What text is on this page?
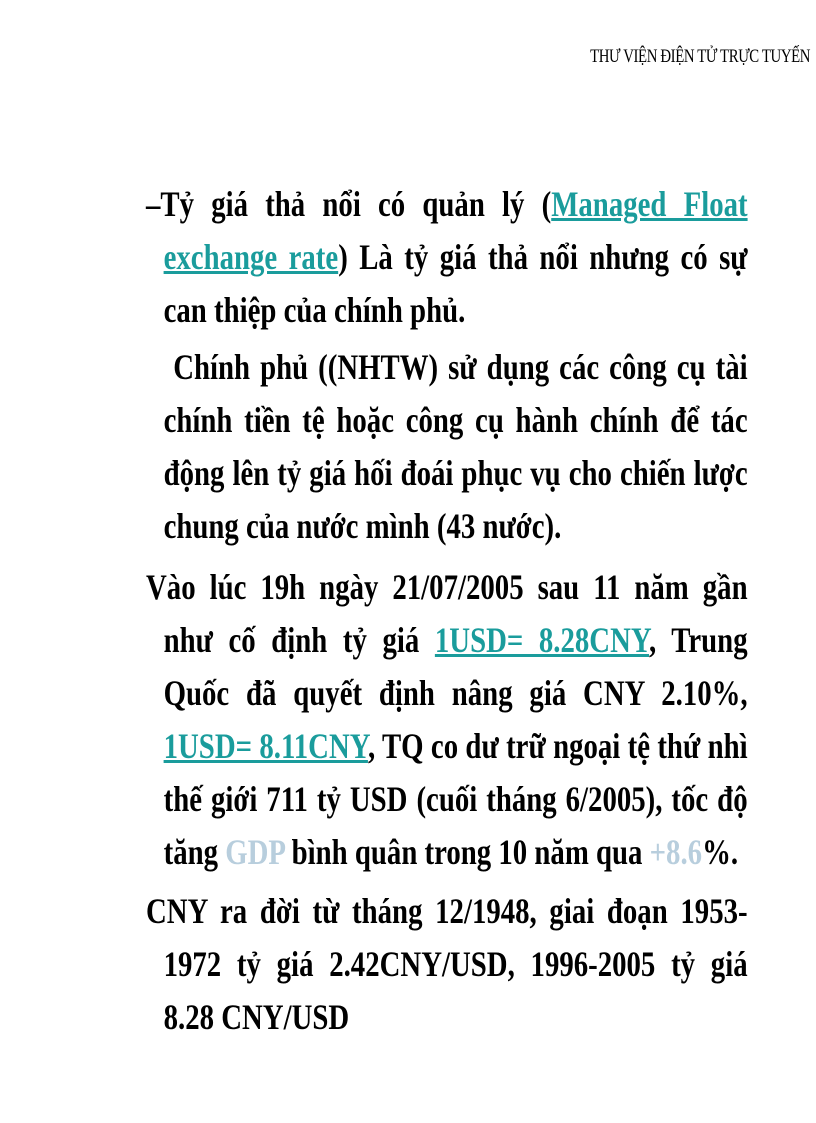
THƯ VIỆN ĐIỆN TỬ TRỰC TUYẾN

–Tỷ giá thả nổi có quản lý (Managed Float exchange rate) Là tỷ giá thả nổi nhưng có sự can thiệp của chính phủ.

Chính phủ ((NHTW) sử dụng các công cụ tài chính tiền tệ hoặc công cụ hành chính để tác động lên tỷ giá hối đoái phục vụ cho chiến lược chung của nước mình (43 nước).

Vào lúc 19h ngày 21/07/2005 sau 11 năm gần như cố định tỷ giá 1USD= 8.28CNY, Trung Quốc đã quyết định nâng giá CNY 2.10%, 1USD= 8.11CNY, TQ co dư trữ ngoại tệ thứ nhì thế giới 711 tỷ USD (cuối tháng 6/2005), tốc độ tăng GDP bình quân trong 10 năm qua +8.6%.

CNY ra đời từ tháng 12/1948, giai đoạn 1953-1972 tỷ giá 2.42CNY/USD, 1996-2005 tỷ giá 8.28 CNY/USD
